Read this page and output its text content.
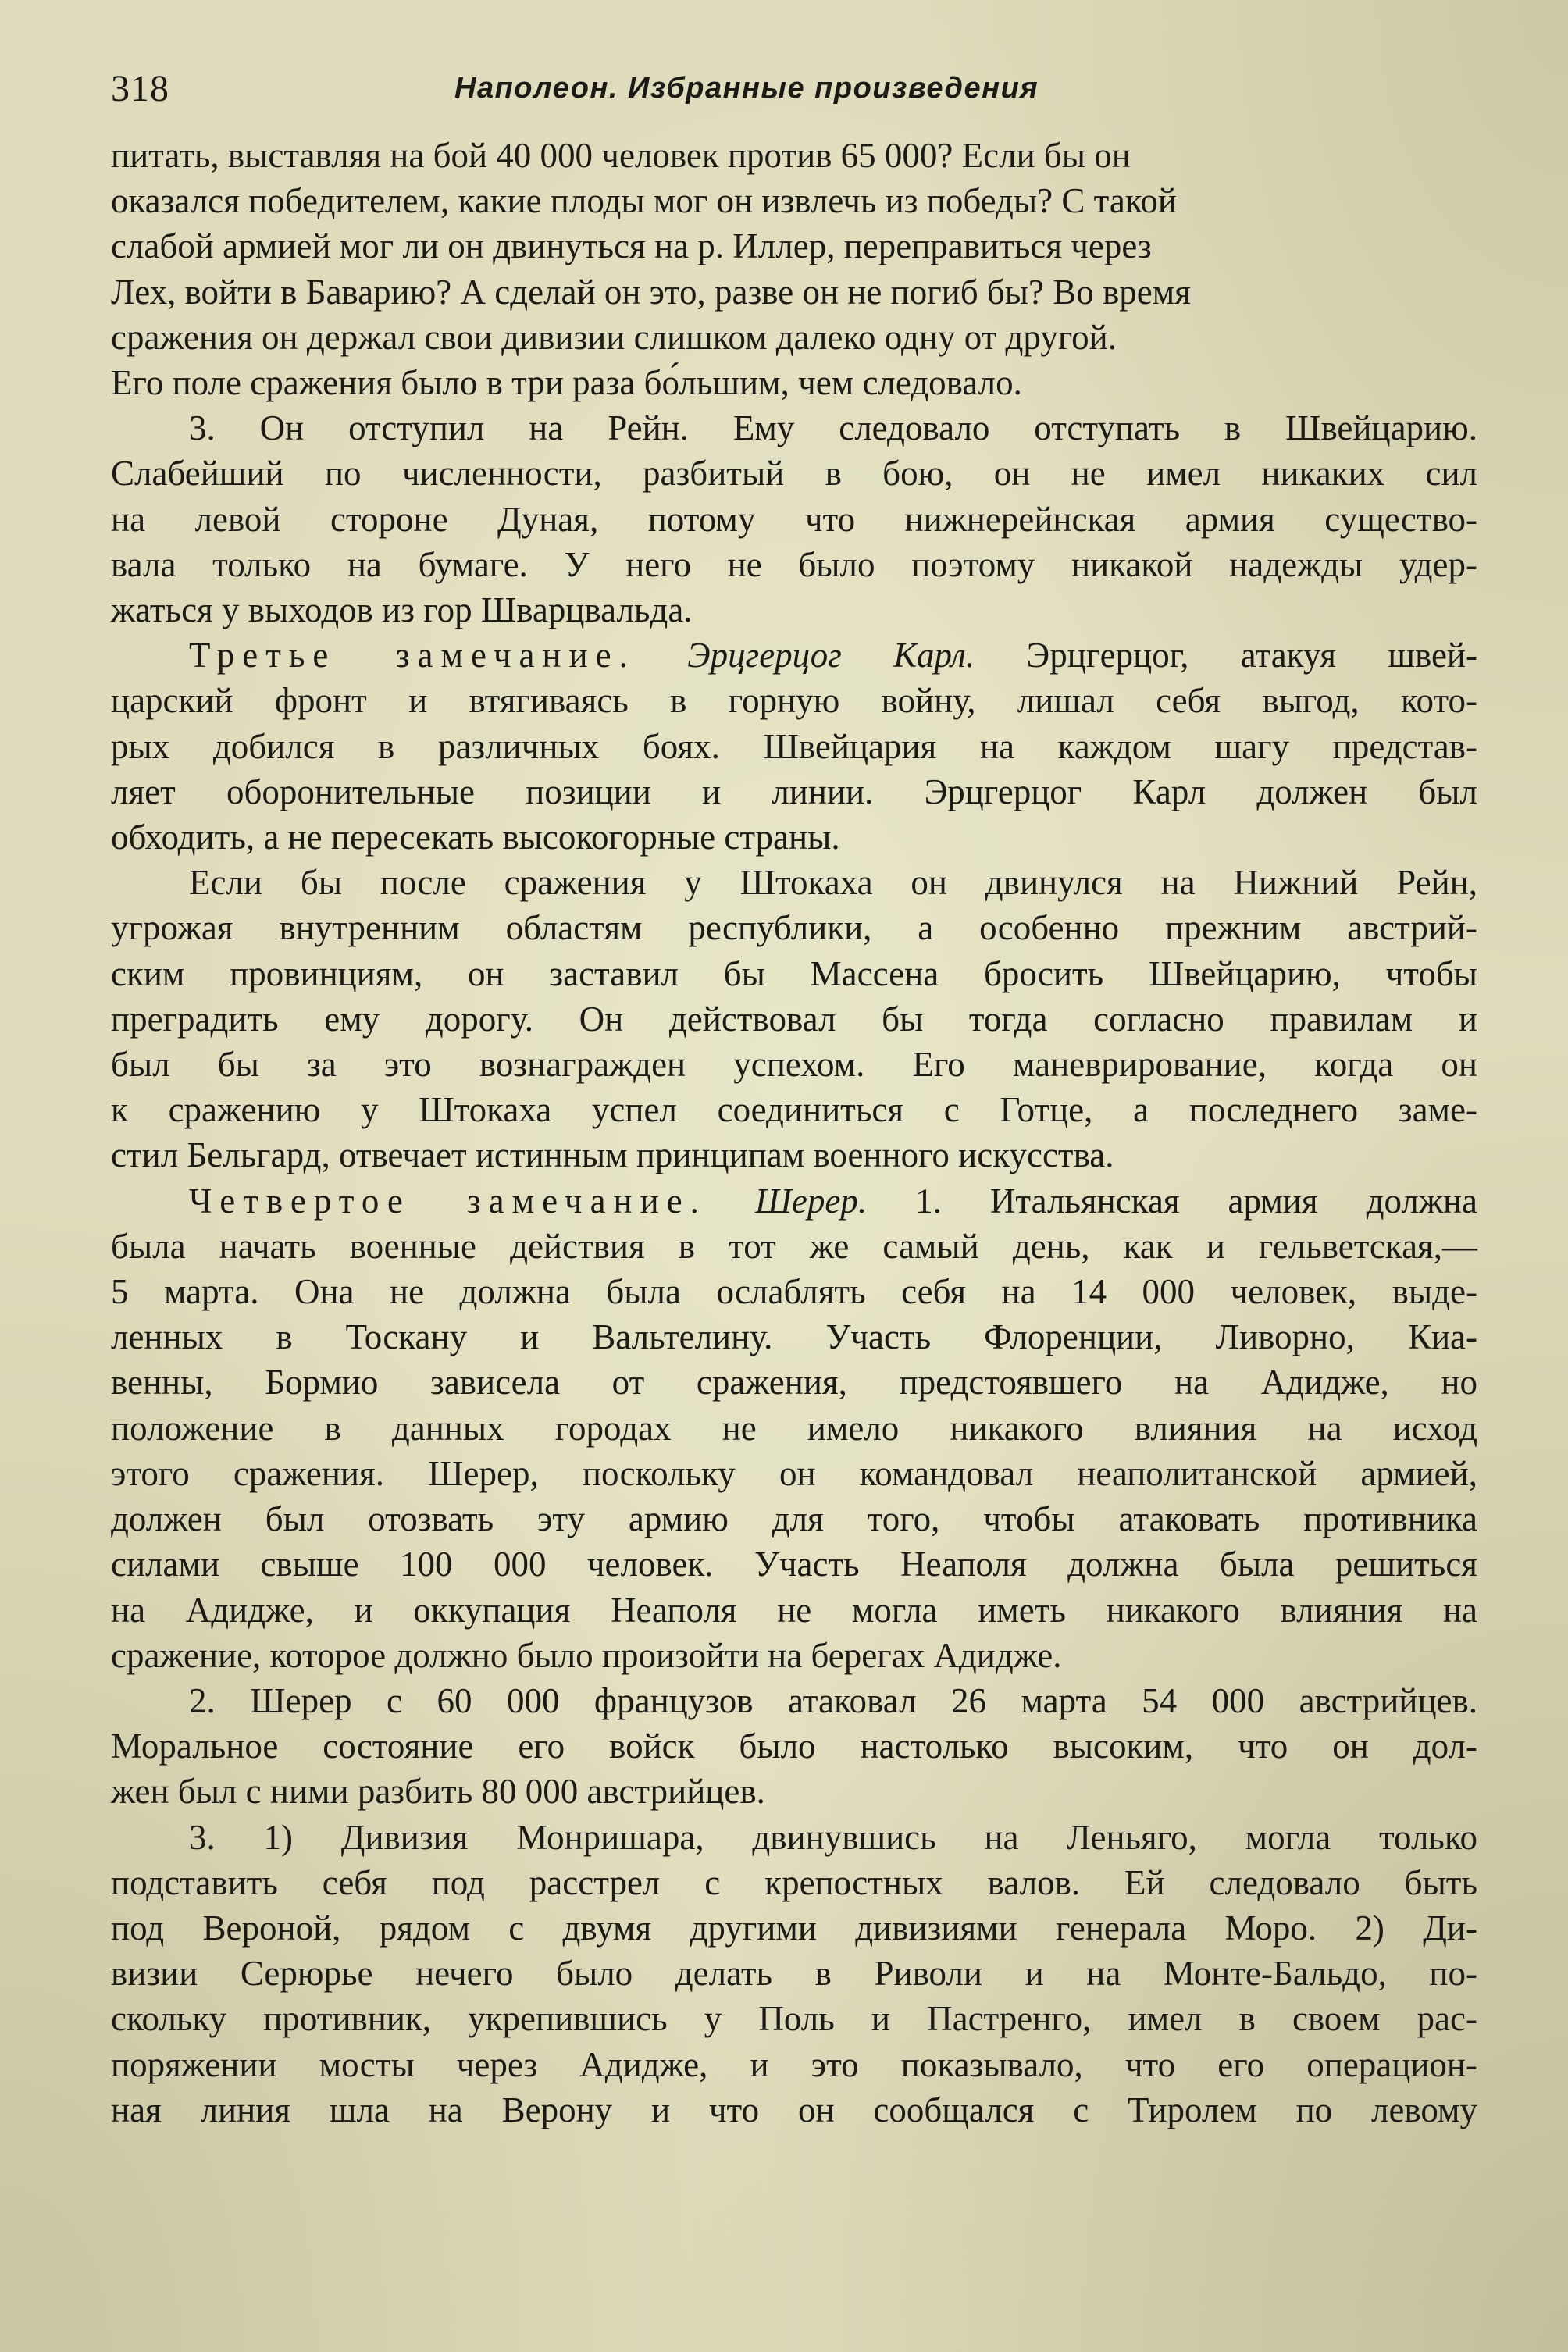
318	Наполеон. Избранные произведения

питать, выставляя на бой 40 000 человек против 65 000? Если бы он
оказался победителем, какие плоды мог он извлечь из победы? С такой
слабой армией мог ли он двинуться на р. Иллер, переправиться через
Лех, войти в Баварию? А сделай он это, разве он не погиб бы? Во время
сражения он держал свои дивизии слишком далеко одну от другой.
Его поле сражения было в три раза бо́льшим, чем следовало.

3. Он отступил на Рейн. Ему следовало отступать в Швейцарию.
Слабейший по численности, разбитый в бою, он не имел никаких сил
на левой стороне Дуная, потому что нижнерейнская армия существо-
вала только на бумаге. У него не было поэтому никакой надежды удер-
жаться у выходов из гор Шварцвальда.

Третье замечание. Эрцгерцог Карл. Эрцгерцог, атакуя швей-
царский фронт и втягиваясь в горную войну, лишал себя выгод, кото-
рых добился в различных боях. Швейцария на каждом шагу представ-
ляет оборонительные позиции и линии. Эрцгерцог Карл должен был
обходить, а не пересекать высокогорные страны.

Если бы после сражения у Штокаха он двинулся на Нижний Рейн,
угрожая внутренним областям республики, а особенно прежним австрий-
ским провинциям, он заставил бы Массена бросить Швейцарию, чтобы
преградить ему дорогу. Он действовал бы тогда согласно правилам и
был бы за это вознагражден успехом. Его маневрирование, когда он
к сражению у Штокаха успел соединиться с Готце, а последнего заме-
стил Бельгард, отвечает истинным принципам военного искусства.

Четвертое замечание. Шерер. 1. Итальянская армия должна
была начать военные действия в тот же самый день, как и гельветская,—
5 марта. Она не должна была ослаблять себя на 14 000 человек, выде-
ленных в Тоскану и Вальтелину. Участь Флоренции, Ливорно, Киа-
венны, Бормио зависела от сражения, предстоявшего на Адидже, но
положение в данных городах не имело никакого влияния на исход
этого сражения. Шерер, поскольку он командовал неаполитанской армией,
должен был отозвать эту армию для того, чтобы атаковать противника
силами свыше 100 000 человек. Участь Неаполя должна была решиться
на Адидже, и оккупация Неаполя не могла иметь никакого влияния на
сражение, которое должно было произойти на берегах Адидже.

2. Шерер с 60 000 французов атаковал 26 марта 54 000 австрийцев.
Моральное состояние его войск было настолько высоким, что он дол-
жен был с ними разбить 80 000 австрийцев.

3. 1) Дивизия Монришара, двинувшись на Леньяго, могла только
подставить себя под расстрел с крепостных валов. Ей следовало быть
под Вероной, рядом с двумя другими дивизиями генерала Моро. 2) Ди-
визии Серюрье нечего было делать в Риволи и на Монте-Бальдо, по-
скольку противник, укрепившись у Поль и Пастренго, имел в своем рас-
поряжении мосты через Адидже, и это показывало, что его операцион-
ная линия шла на Верону и что он сообщался с Тиролем по левому
